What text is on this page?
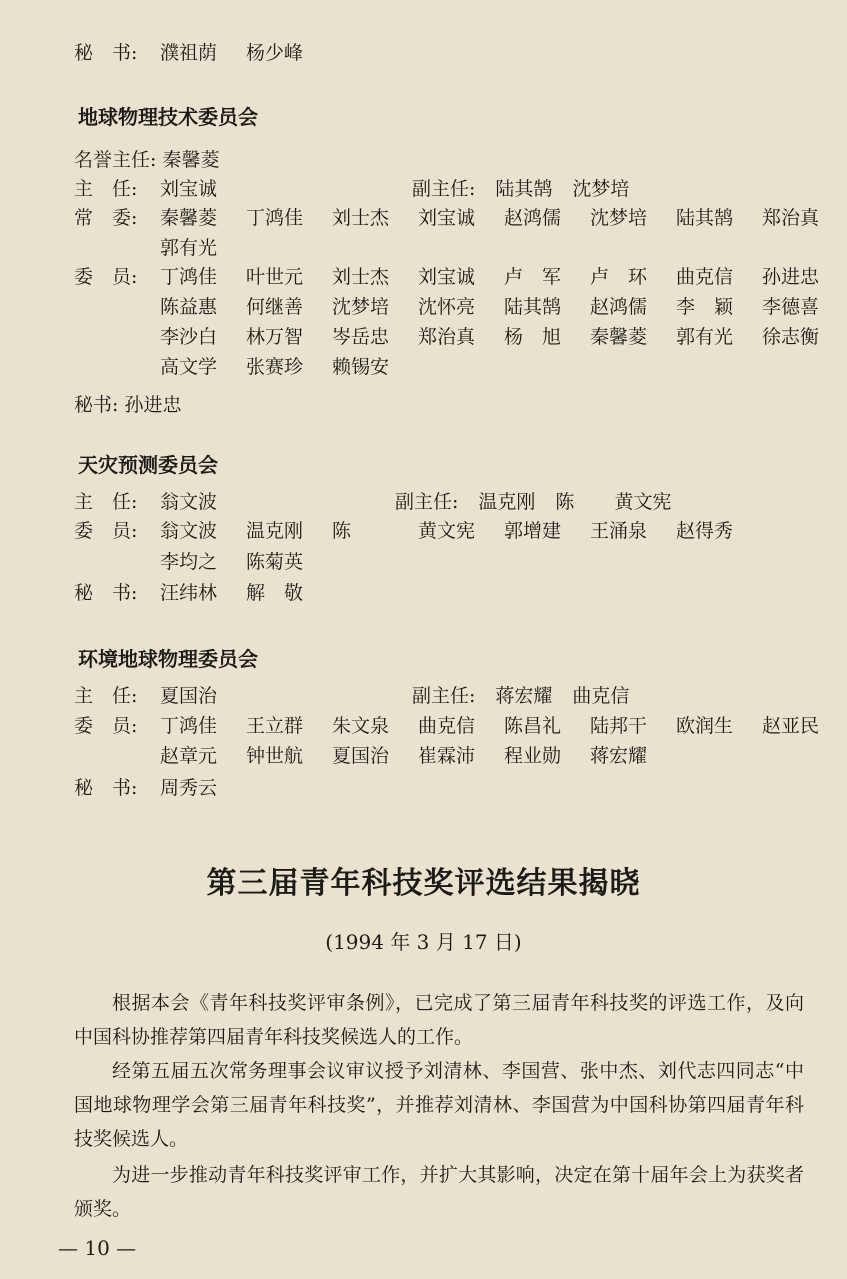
秘　书:	濮祖荫 杨少峰
地球物理技术委员会
名誉主任: 秦馨菱
主　任:	刘宝诚	副主任: 陆其鹄 沈梦培
常　委:	秦馨菱 丁鸿佳 刘士杰 刘宝诚 赵鸿儒 沈梦培 陆其鹄 郑治真
郭有光
委　员:	丁鸿佳 叶世元 刘士杰 刘宝诚 卢　军 卢　环 曲克信 孙进忠
陈益惠 何继善 沈梦培 沈怀亮 陆其鹄 赵鸿儒 李　颖 李德喜
李沙白 林万智 岑岳忠 郑治真 杨　旭 秦馨菱 郭有光 徐志衡
高文学 张赛珍 赖锡安
秘书: 孙进忠
天灾预测委员会
主　任:	翁文波	副主任: 温克刚 陈 黄文宪
委　员:	翁文波 温克刚 陈	黄文宪 郭增建 王涌泉 赵得秀
李均之 陈菊英
秘　书:	汪纬林 解　敬
环境地球物理委员会
主　任:	夏国治	副主任: 蒋宏耀 曲克信
委　员:	丁鸿佳 王立群 朱文泉 曲克信 陈昌礼 陆邦干 欧润生 赵亚民
赵章元 钟世航 夏国治 崔霖沛 程业勋 蒋宏耀
秘　书:	周秀云
第三届青年科技奖评选结果揭晓
(1994 年 3 月 17 日)
根据本会《青年科技奖评审条例》，已完成了第三届青年科技奖的评选工作，及向中国科协推荐第四届青年科技奖候选人的工作。
经第五届五次常务理事会议审议授予刘清林、李国营、张中杰、刘代志四同志“中国地球物理学会第三届青年科技奖”，并推荐刘清林、李国营为中国科协第四届青年科技奖候选人。
为进一步推动青年科技奖评审工作，并扩大其影响，决定在第十届年会上为获奖者颁奖。
— 10 —
